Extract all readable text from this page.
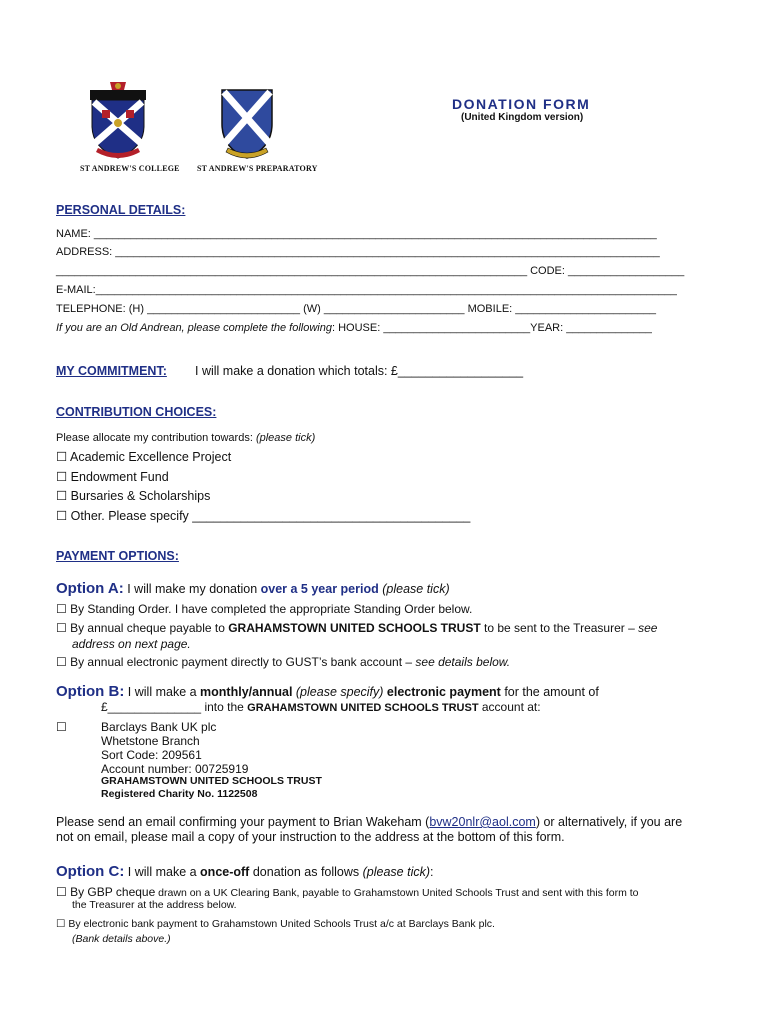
ST ANDREW'S COLLEGE ST ANDREW'S PREPARATORY
DONATION FORM
(United Kingdom version)
PERSONAL DETAILS:
NAME: ____________________________________________________________________________________________
ADDRESS: _________________________________________________________________________________________
_____________________________________________________________________________ CODE: ___________________
E-MAIL:_______________________________________________________________________________________________
TELEPHONE: (H) _________________________ (W) _______________________ MOBILE: _______________________
If you are an Old Andrean, please complete the following: HOUSE: ________________________YEAR: ______________
MY COMMITMENT: I will make a donation which totals: £__________________
CONTRIBUTION CHOICES:
Please allocate my contribution towards: (please tick)
☐ Academic Excellence Project
☐ Endowment Fund
☐ Bursaries & Scholarships
☐ Other. Please specify ________________________________________
PAYMENT OPTIONS:
Option A: I will make my donation over a 5 year period (please tick)
☐ By Standing Order. I have completed the appropriate Standing Order below.
☐ By annual cheque payable to GRAHAMSTOWN UNITED SCHOOLS TRUST to be sent to the Treasurer – see
address on next page.
☐ By annual electronic payment directly to GUST’s bank account – see details below.
Option B: I will make a monthly/annual (please specify) electronic payment for the amount of
£______________ into the GRAHAMSTOWN UNITED SCHOOLS TRUST account at:
☐	Barclays Bank UK plc
Whetstone Branch
Sort Code: 209561
Account number: 00725919
GRAHAMSTOWN UNITED SCHOOLS TRUST
Registered Charity No. 1122508
Please send an email confirming your payment to Brian Wakeham (bvw20nlr@aol.com) or alternatively, if you are
not on email, please mail a copy of your instruction to the address at the bottom of this form.
Option C: I will make a once-off donation as follows (please tick):
☐ By GBP cheque drawn on a UK Clearing Bank, payable to Grahamstown United Schools Trust and sent with this form to
the Treasurer at the address below.
☐ By electronic bank payment to Grahamstown United Schools Trust a/c at Barclays Bank plc.
(Bank details above.)
